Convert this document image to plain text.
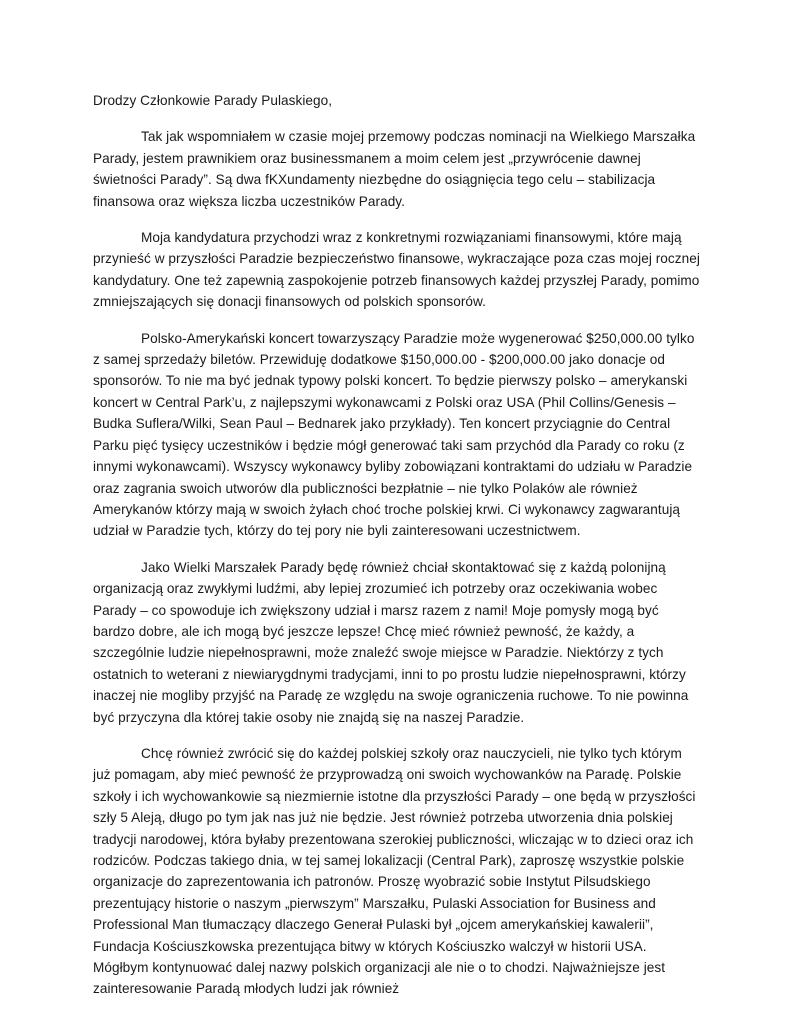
Drodzy Członkowie Parady Pulaskiego,

Tak jak wspomniałem w czasie mojej przemowy podczas nominacji na Wielkiego Marszałka Parady, jestem prawnikiem oraz businessmanem a moim celem jest „przywrócenie dawnej świetności Parady”. Są dwa fKXundamenty niezbędne do osiągnięcia tego celu – stabilizacja finansowa oraz większa liczba uczestników Parady.

Moja kandydatura przychodzi wraz z konkretnymi rozwiązaniami finansowymi, które mają przynieść w przyszłości Paradzie bezpieczeństwo finansowe, wykraczające poza czas mojej rocznej kandydatury. One też zapewnią zaspokojenie potrzeb finansowych każdej przyszłej Parady, pomimo zmniejszających się donacji finansowych od polskich sponsorów.

Polsko-Amerykański koncert towarzyszący Paradzie może wygenerować $250,000.00 tylko z samej sprzedaży biletów. Przewiduję dodatkowe $150,000.00 - $200,000.00 jako donacje od sponsorów. To nie ma być jednak typowy polski koncert. To będzie pierwszy polsko – amerykanski koncert w Central Park’u, z najlepszymi wykonawcami z Polski oraz USA (Phil Collins/Genesis – Budka Suflera/Wilki, Sean Paul – Bednarek jako przykłady). Ten koncert przyciągnie do Central Parku pięć tysięcy uczestników i będzie mógł generować taki sam przychód dla Parady co roku (z innymi wykonawcami). Wszyscy wykonawcy byliby zobowiązani kontraktami do udziału w Paradzie oraz zagrania swoich utworów dla publiczności bezpłatnie – nie tylko Polaków ale również Amerykanów którzy mają w swoich żyłach choć troche polskiej krwi. Ci wykonawcy zagwarantują udział w Paradzie tych, którzy do tej pory nie byli zainteresowani uczestnictwem.

Jako Wielki Marszałek Parady będę również chciał skontaktować się z każdą polonijną organizacją oraz zwykłymi ludźmi, aby lepiej zrozumieć ich potrzeby oraz oczekiwania wobec Parady – co spowoduje ich zwiększony udział i marsz razem z nami! Moje pomysły mogą być bardzo dobre, ale ich mogą być jeszcze lepsze! Chcę mieć również pewność, że każdy, a szczególnie ludzie niepełnosprawni, może znaleźć swoje miejsce w Paradzie. Niektórzy z tych ostatnich to weterani z niewiarygdnymi tradycjami, inni to po prostu ludzie niepełnosprawni, którzy inaczej nie mogliby przyjść na Paradę ze względu na swoje ograniczenia ruchowe. To nie powinna być przyczyna dla której takie osoby nie znajdą się na naszej Paradzie.

Chcę również zwrócić się do każdej polskiej szkoły oraz nauczycieli, nie tylko tych którym już pomagam, aby mieć pewność że przyprowadzą oni swoich wychowanków na Paradę. Polskie szkoły i ich wychowankowie są niezmiernie istotne dla przyszłości Parady – one będą w przyszłości szły 5 Aleją, długo po tym jak nas już nie będzie. Jest również potrzeba utworzenia dnia polskiej tradycji narodowej, która byłaby prezentowana szerokiej publiczności, wliczając w to dzieci oraz ich rodziców. Podczas takiego dnia, w tej samej lokalizacji (Central Park), zaproszę wszystkie polskie organizacje do zaprezentowania ich patronów. Proszę wyobrazić sobie Instytut Pilsudskiego prezentujący historie o naszym „pierwszym” Marszałku, Pulaski Association for Business and Professional Man tłumaczący dlaczego Generał Pulaski był „ojcem amerykańskiej kawalerii”, Fundacja Kościuszkowska prezentująca bitwy w których Kościuszko walczył w historii USA. Mógłbym kontynuować dalej nazwy polskich organizacji ale nie o to chodzi. Najważniejsze jest zainteresowanie Paradą młodych ludzi jak również
